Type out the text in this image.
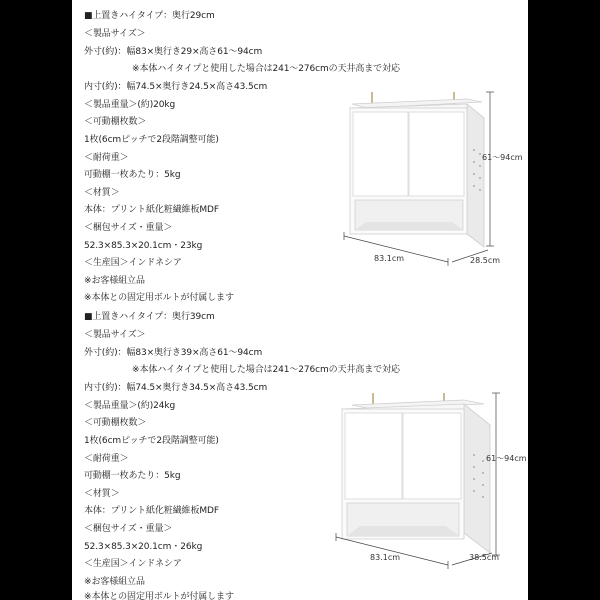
■上置きハイタイプ：奥行29cm
＜製品サイズ＞
外寸(約)：幅83×奥行き29×高さ61～94cm
※本体ハイタイプと使用した場合は241～276cmの天井高まで対応
内寸(約)：幅74.5×奥行き24.5×高さ43.5cm
＜製品重量＞(約)20kg
＜可動棚枚数＞
1枚(6cmピッチで2段階調整可能)
＜耐荷重＞
可動棚一枚あたり：5kg
＜材質＞
本体：プリント紙化粧繊維板MDF
＜梱包サイズ・重量＞
52.3×85.3×20.1cm・23kg
＜生産国＞インドネシア
※お客様組立品
※本体との固定用ボルトが付属します
61～94cm
83.1cm	28.5cm
■上置きハイタイプ：奥行39cm
＜製品サイズ＞
外寸(約)：幅83×奥行き39×高さ61～94cm
※本体ハイタイプと使用した場合は241～276cmの天井高まで対応
内寸(約)：幅74.5×奥行き34.5×高さ43.5cm
＜製品重量＞(約)24kg
＜可動棚枚数＞
1枚(6cmピッチで2段階調整可能)
＜耐荷重＞
可動棚一枚あたり：5kg
＜材質＞
本体：プリント紙化粧繊維板MDF
＜梱包サイズ・重量＞
52.3×85.3×20.1cm・26kg
＜生産国＞インドネシア
※お客様組立品
※本体との固定用ボルトが付属します
61～94cm
83.1cm	38.5cm
